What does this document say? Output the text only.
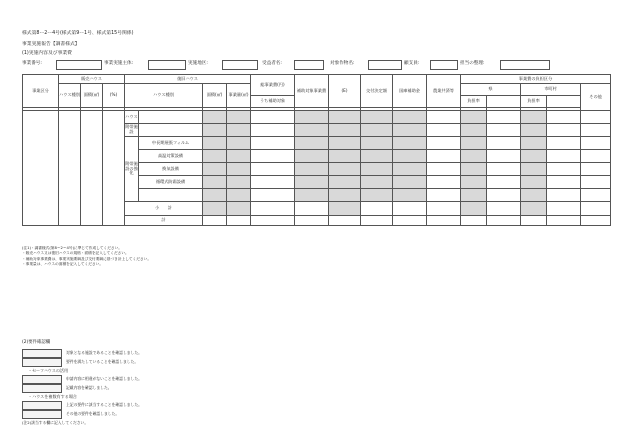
様式第8ー2ー4号(様式第9ー1号、様式第15号関係)
事業実施報告【調書様式】
(1)実施内容及び事業費
事業番号:	事業実施主体:	実施地区:	受益者名:	対象作物名:	顧支員:	担当の整理:
事業区分	販売ハウス			復旧ハウス				総事業費(円)	補助対象事業費	(E)	交付決定額	国庫補助金	農業共済等	事業費の負担区分				
	ハウス種別	面積(㎡)	(%)	ハウス種別		面積(㎡)	事業量(㎡)							県		市町村		その他
								うち補助対象						負担率		負担率		

				ハウス														
				附帯施設														
				附帯施設の強化	中長期展張フィルム													
					高温対策設備													
					換気設備													
					循環式防霜設備													

				小　　計														
				計														
(注1)・調書様式(第8ー2ー4号)に準じて作成してください。
・販売ハウス又は復旧ハウスの規格・面積を記入してください。
・補助対象事業費は、事業実施要綱及び交付要綱に基づき計上してください。
・事業量は、ハウスの面積を記入してください。
(2)要件確認欄
対象となる施設であることを確認しました。
要件を満たしていることを確認しました。
・セーフハウスの活用
申請内容に相違がないことを確認しました。
記載内容を確認しました。
・ハウスを複数有する場合
上記の要件に該当することを確認しました。
その他の要件を確認しました。
(注2)該当する欄に記入してください。
